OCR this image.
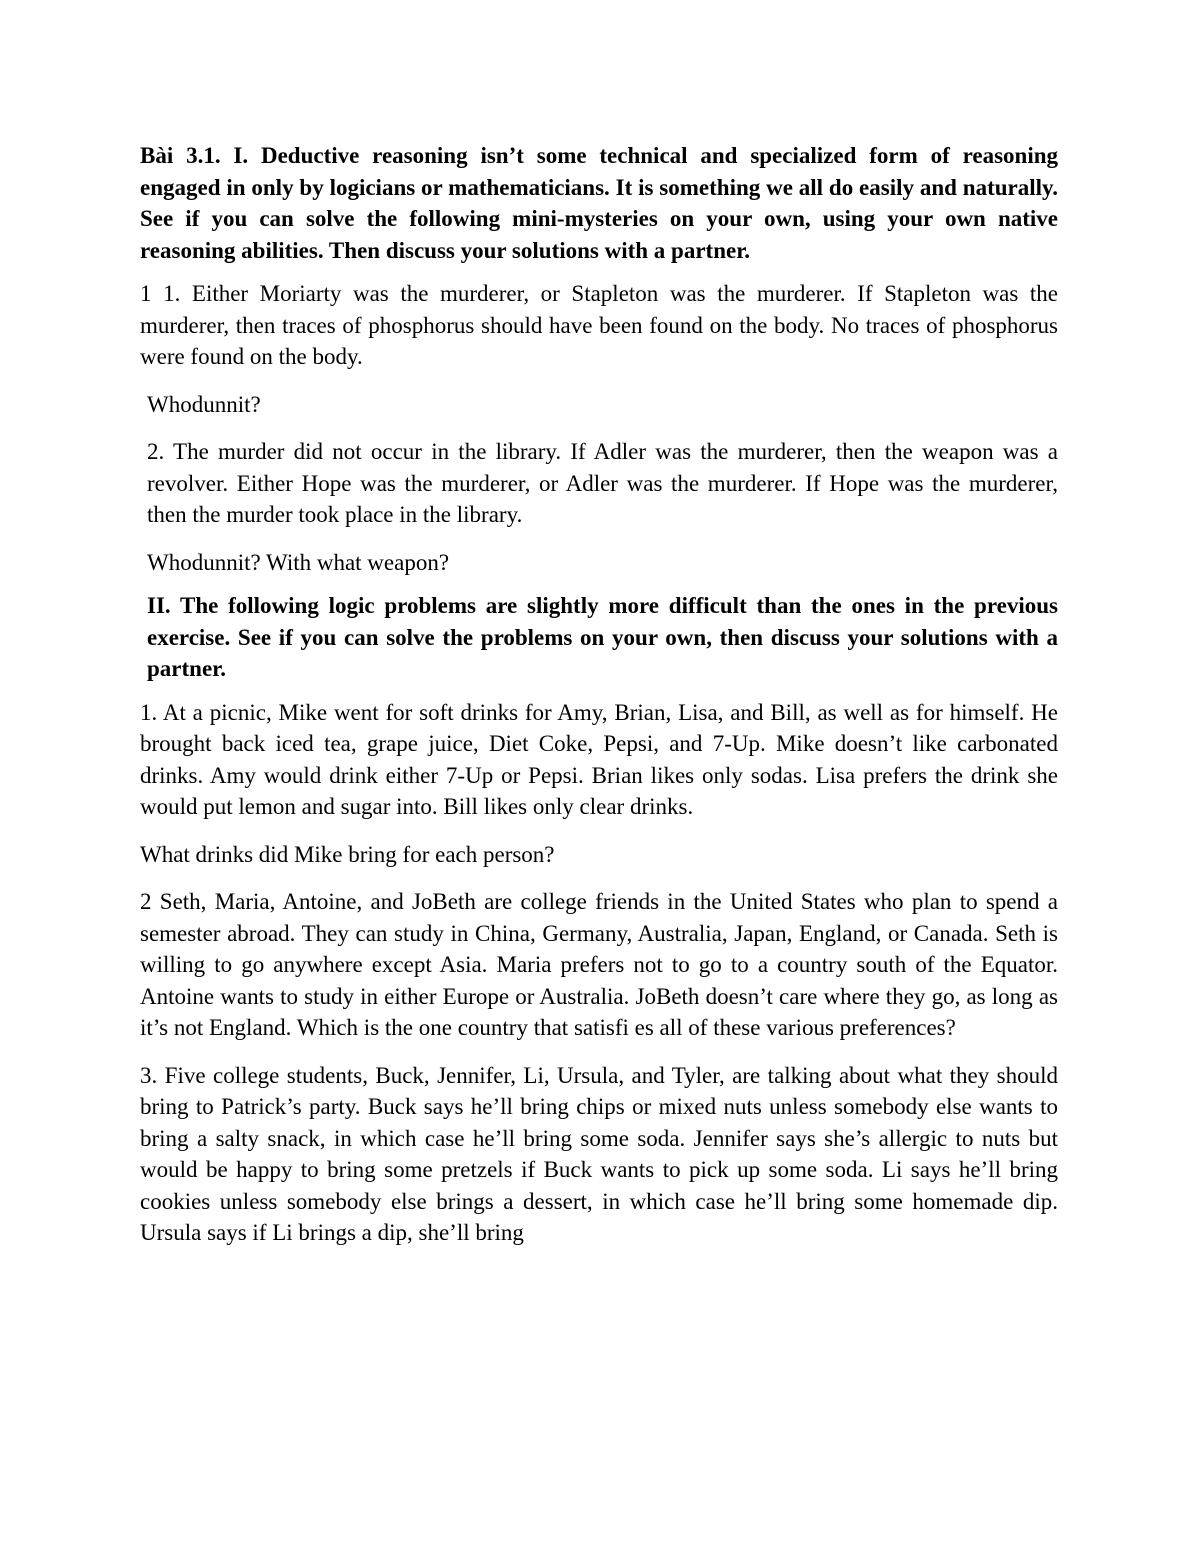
Bài 3.1. I. Deductive reasoning isn’t some technical and specialized form of reasoning engaged in only by logicians or mathematicians. It is something we all do easily and naturally. See if you can solve the following mini-mysteries on your own, using your own native reasoning abilities. Then discuss your solutions with a partner.

1 1. Either Moriarty was the murderer, or Stapleton was the murderer. If Stapleton was the murderer, then traces of phosphorus should have been found on the body. No traces of phosphorus were found on the body.

Whodunnit?

2. The murder did not occur in the library. If Adler was the murderer, then the weapon was a revolver. Either Hope was the murderer, or Adler was the murderer. If Hope was the murderer, then the murder took place in the library.

Whodunnit? With what weapon?

II. The following logic problems are slightly more difficult than the ones in the previous exercise. See if you can solve the problems on your own, then discuss your solutions with a partner.

1. At a picnic, Mike went for soft drinks for Amy, Brian, Lisa, and Bill, as well as for himself. He brought back iced tea, grape juice, Diet Coke, Pepsi, and 7-Up. Mike doesn’t like carbonated drinks. Amy would drink either 7-Up or Pepsi. Brian likes only sodas. Lisa prefers the drink she would put lemon and sugar into. Bill likes only clear drinks.

What drinks did Mike bring for each person?

2 Seth, Maria, Antoine, and JoBeth are college friends in the United States who plan to spend a semester abroad. They can study in China, Germany, Australia, Japan, England, or Canada. Seth is willing to go anywhere except Asia. Maria prefers not to go to a country south of the Equator. Antoine wants to study in either Europe or Australia. JoBeth doesn’t care where they go, as long as it’s not England. Which is the one country that satisfi es all of these various preferences?

3. Five college students, Buck, Jennifer, Li, Ursula, and Tyler, are talking about what they should bring to Patrick’s party. Buck says he’ll bring chips or mixed nuts unless somebody else wants to bring a salty snack, in which case he’ll bring some soda. Jennifer says she’s allergic to nuts but would be happy to bring some pretzels if Buck wants to pick up some soda. Li says he’ll bring cookies unless somebody else brings a dessert, in which case he’ll bring some homemade dip. Ursula says if Li brings a dip, she’ll bring
